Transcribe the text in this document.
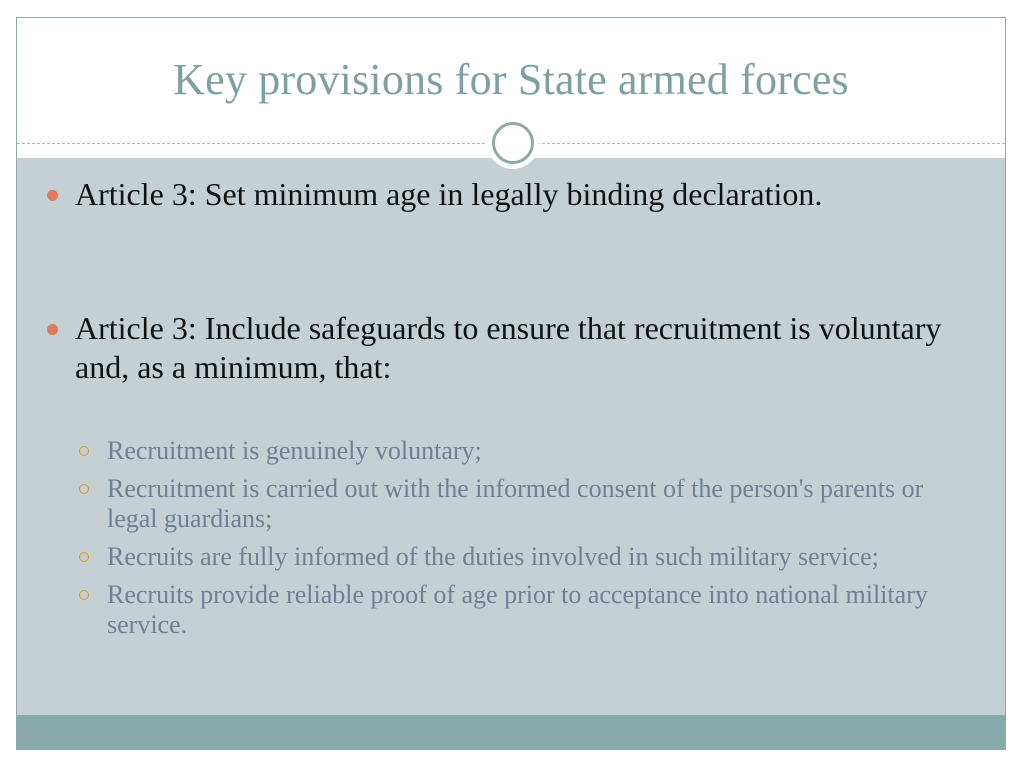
Key provisions for State armed forces
Article 3: Set minimum age in legally binding declaration.
Article 3: Include safeguards to ensure that recruitment is voluntary and, as a minimum, that:
Recruitment is genuinely voluntary;
Recruitment is carried out with the informed consent of the person's parents or legal guardians;
Recruits are fully informed of the duties involved in such military service;
Recruits provide reliable proof of age prior to acceptance into national military service.
